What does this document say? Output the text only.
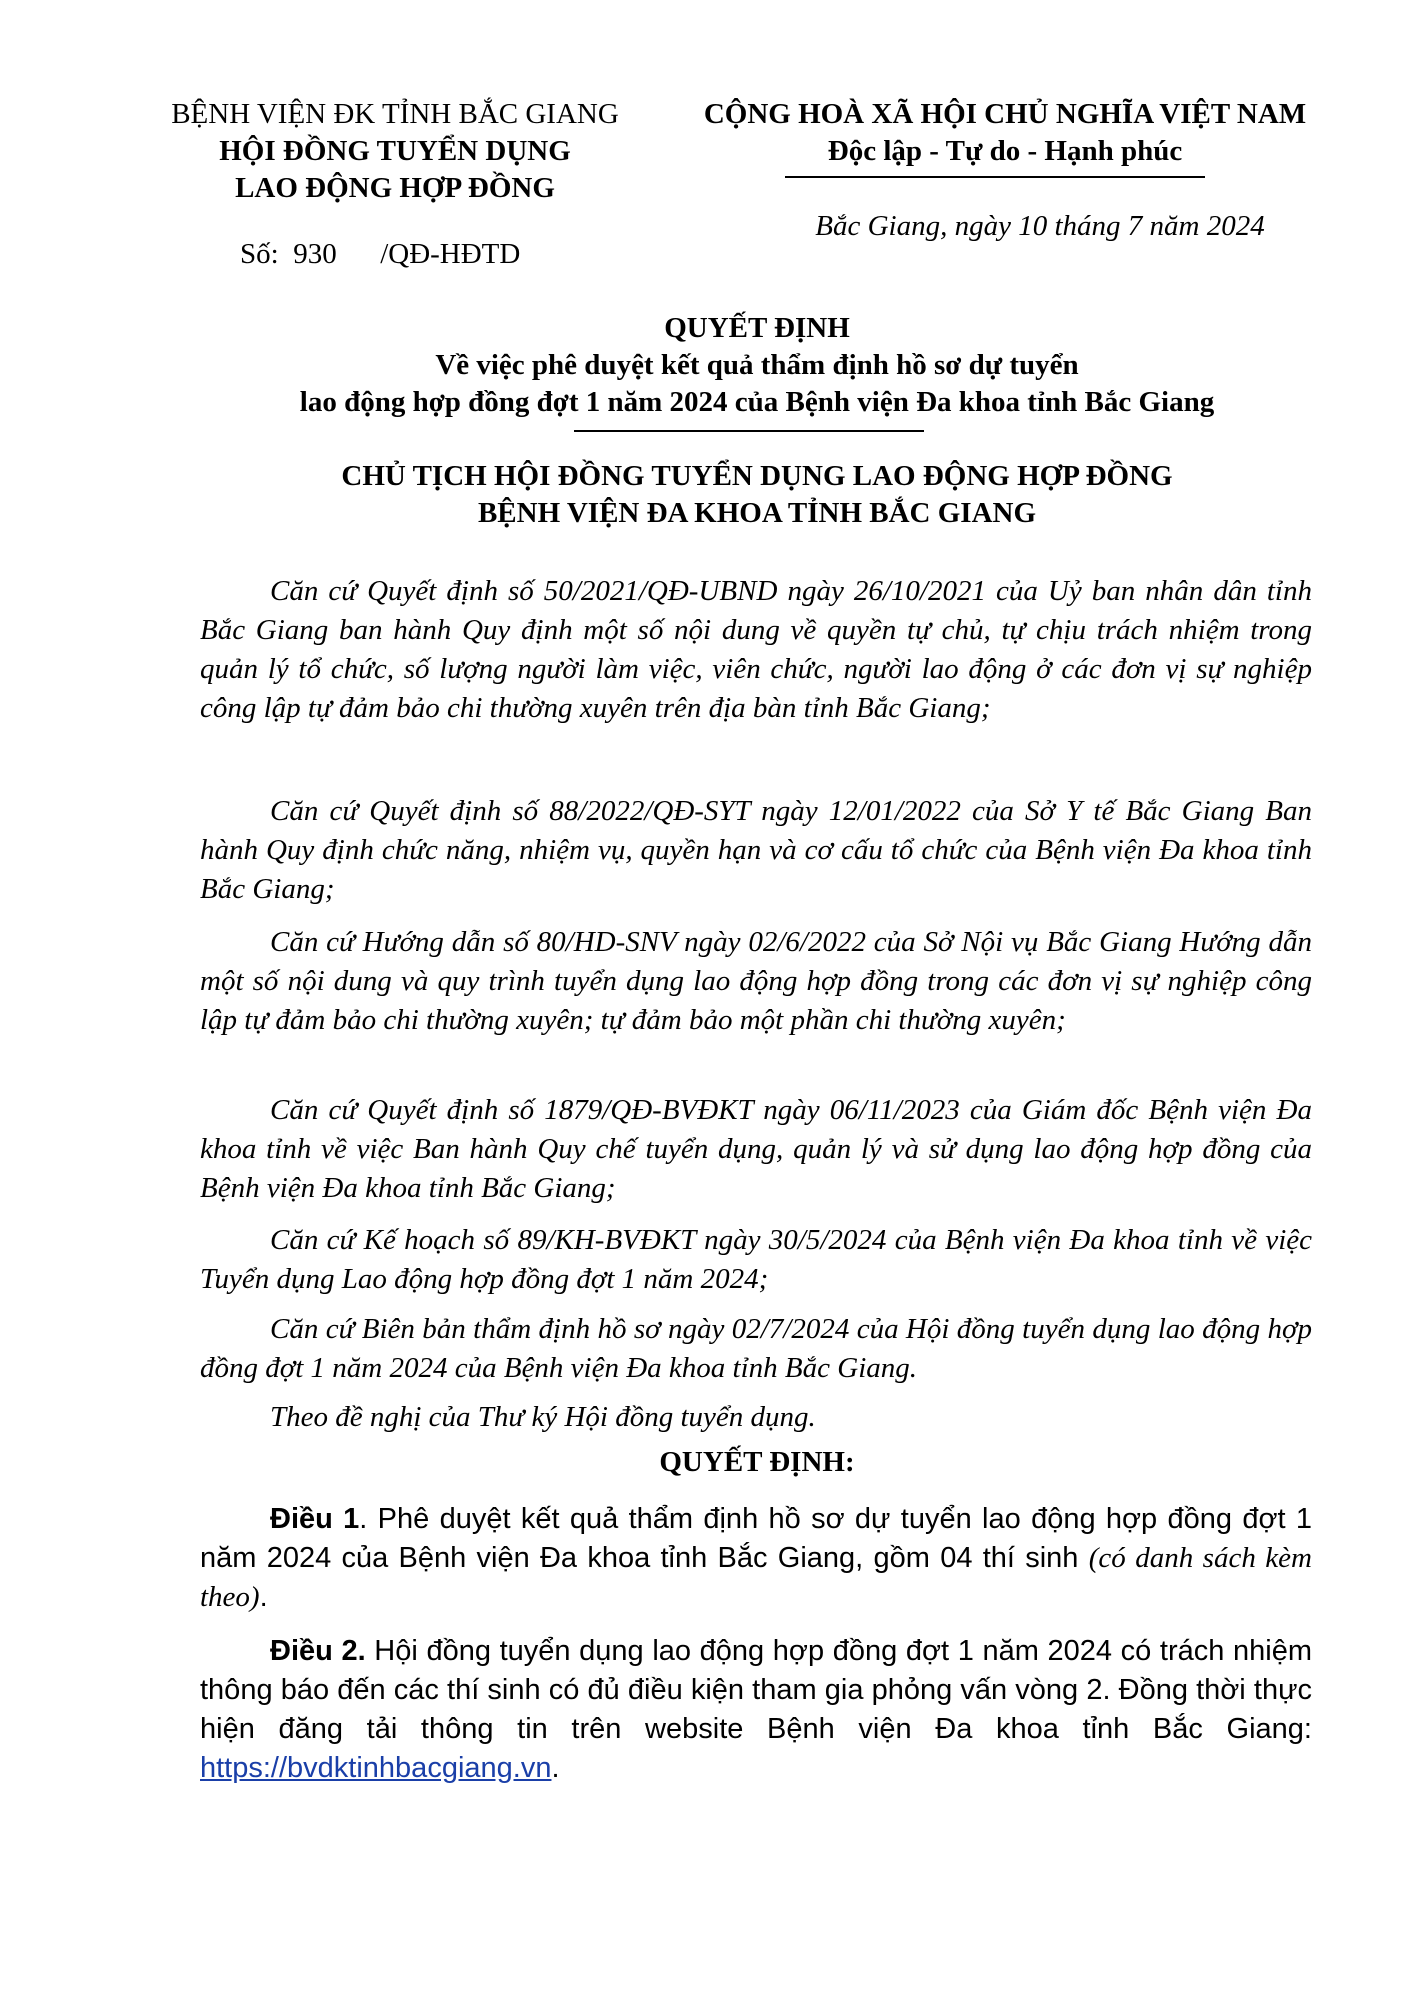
BỆNH VIỆN ĐK TỈNH BẮC GIANG
HỘI ĐỒNG TUYỂN DỤNG
LAO ĐỘNG HỢP ĐỒNG
Số: 930 /QĐ-HĐTD
CỘNG HOÀ XÃ HỘI CHỦ NGHĨA VIỆT NAM
Độc lập - Tự do - Hạnh phúc
Bắc Giang, ngày 10 tháng 7 năm 2024
QUYẾT ĐỊNH
Về việc phê duyệt kết quả thẩm định hồ sơ dự tuyển
lao động hợp đồng đợt 1 năm 2024 của Bệnh viện Đa khoa tỉnh Bắc Giang
CHỦ TỊCH HỘI ĐỒNG TUYỂN DỤNG LAO ĐỘNG HỢP ĐỒNG
BỆNH VIỆN ĐA KHOA TỈNH BẮC GIANG

Căn cứ Quyết định số 50/2021/QĐ-UBND ngày 26/10/2021 của Uỷ ban nhân dân tỉnh Bắc Giang ban hành Quy định một số nội dung về quyền tự chủ, tự chịu trách nhiệm trong quản lý tổ chức, số lượng người làm việc, viên chức, người lao động ở các đơn vị sự nghiệp công lập tự đảm bảo chi thường xuyên trên địa bàn tỉnh Bắc Giang;

Căn cứ Quyết định số 88/2022/QĐ-SYT ngày 12/01/2022 của Sở Y tế Bắc Giang Ban hành Quy định chức năng, nhiệm vụ, quyền hạn và cơ cấu tổ chức của Bệnh viện Đa khoa tỉnh Bắc Giang;

Căn cứ Hướng dẫn số 80/HD-SNV ngày 02/6/2022 của Sở Nội vụ Bắc Giang Hướng dẫn một số nội dung và quy trình tuyển dụng lao động hợp đồng trong các đơn vị sự nghiệp công lập tự đảm bảo chi thường xuyên; tự đảm bảo một phần chi thường xuyên;

Căn cứ Quyết định số 1879/QĐ-BVĐKT ngày 06/11/2023 của Giám đốc Bệnh viện Đa khoa tỉnh về việc Ban hành Quy chế tuyển dụng, quản lý và sử dụng lao động hợp đồng của Bệnh viện Đa khoa tỉnh Bắc Giang;

Căn cứ Kế hoạch số 89/KH-BVĐKT ngày 30/5/2024 của Bệnh viện Đa khoa tỉnh về việc Tuyển dụng Lao động hợp đồng đợt 1 năm 2024;

Căn cứ Biên bản thẩm định hồ sơ ngày 02/7/2024 của Hội đồng tuyển dụng lao động hợp đồng đợt 1 năm 2024 của Bệnh viện Đa khoa tỉnh Bắc Giang.

Theo đề nghị của Thư ký Hội đồng tuyển dụng.

QUYẾT ĐỊNH:

Điều 1. Phê duyệt kết quả thẩm định hồ sơ dự tuyển lao động hợp đồng đợt 1 năm 2024 của Bệnh viện Đa khoa tỉnh Bắc Giang, gồm 04 thí sinh (có danh sách kèm theo).

Điều 2. Hội đồng tuyển dụng lao động hợp đồng đợt 1 năm 2024 có trách nhiệm thông báo đến các thí sinh có đủ điều kiện tham gia phỏng vấn vòng 2. Đồng thời thực hiện đăng tải thông tin trên website Bệnh viện Đa khoa tỉnh Bắc Giang: https://bvdktinhbacgiang.vn.
